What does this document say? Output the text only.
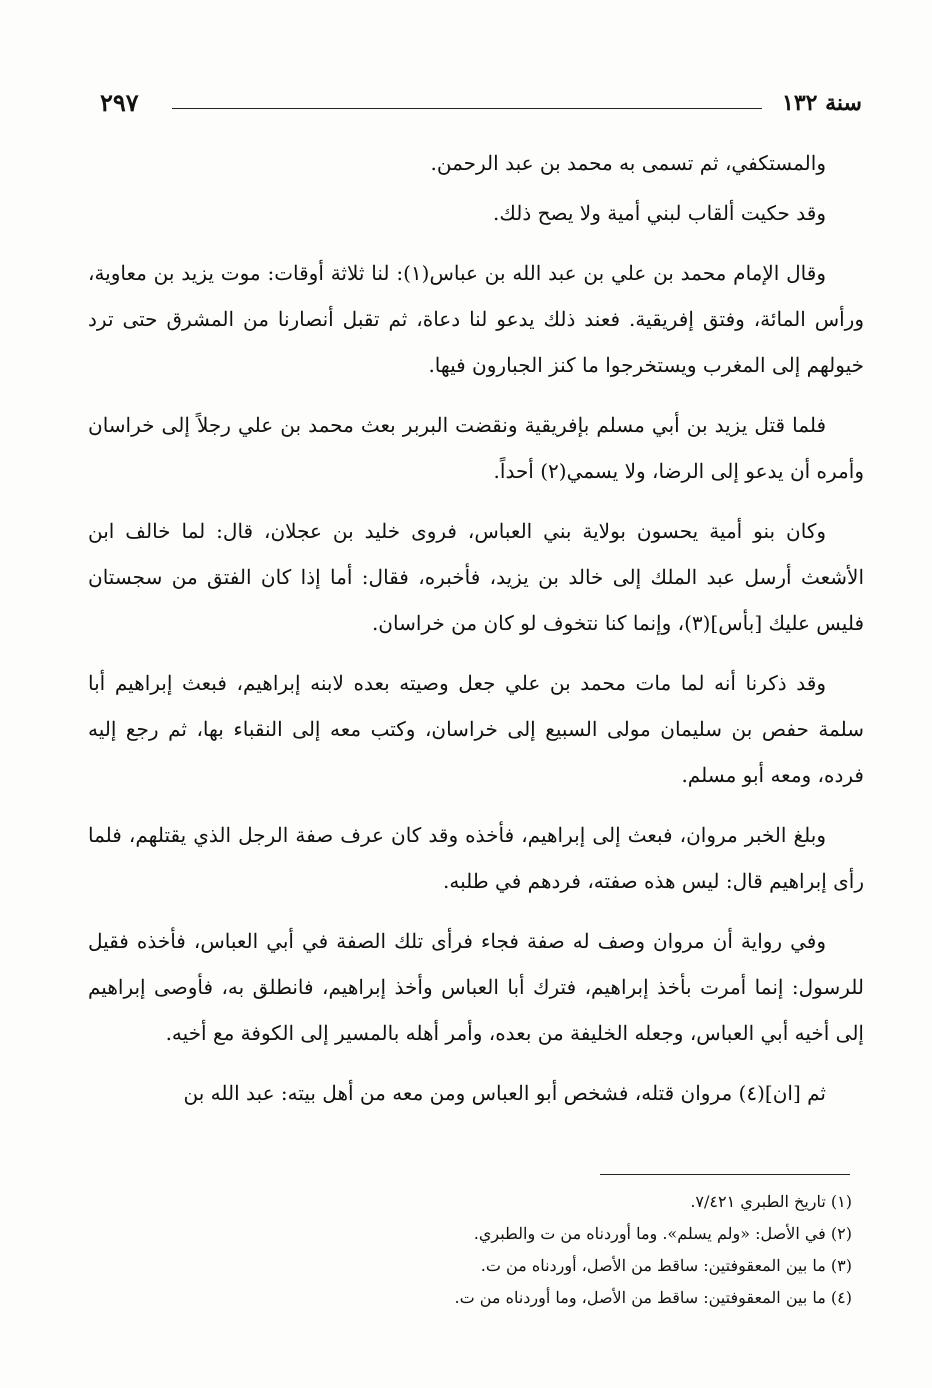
سنة ١٣٢
٢٩٧

والمستكفي، ثم تسمى به محمد بن عبد الرحمن.

وقد حكيت ألقاب لبني أمية ولا يصح ذلك.

وقال الإمام محمد بن علي بن عبد الله بن عباس(١): لنا ثلاثة أوقات: موت يزيد بن معاوية، ورأس المائة، وفتق إفريقية. فعند ذلك يدعو لنا دعاة، ثم تقبل أنصارنا من المشرق حتى ترد خيولهم إلى المغرب ويستخرجوا ما كنز الجبارون فيها.

فلما قتل يزيد بن أبي مسلم بإفريقية ونقضت البربر بعث محمد بن علي رجلاً إلى خراسان وأمره أن يدعو إلى الرضا، ولا يسمي(٢) أحداً.

وكان بنو أمية يحسون بولاية بني العباس، فروى خليد بن عجلان، قال: لما خالف ابن الأشعث أرسل عبد الملك إلى خالد بن يزيد، فأخبره، فقال: أما إذا كان الفتق من سجستان فليس عليك [بأس](٣)، وإنما كنا نتخوف لو كان من خراسان.

وقد ذكرنا أنه لما مات محمد بن علي جعل وصيته بعده لابنه إبراهيم، فبعث إبراهيم أبا سلمة حفص بن سليمان مولى السبيع إلى خراسان، وكتب معه إلى النقباء بها، ثم رجع إليه فرده، ومعه أبو مسلم.

وبلغ الخبر مروان، فبعث إلى إبراهيم، فأخذه وقد كان عرف صفة الرجل الذي يقتلهم، فلما رأى إبراهيم قال: ليس هذه صفته، فردهم في طلبه.

وفي رواية أن مروان وصف له صفة فجاء فرأى تلك الصفة في أبي العباس، فأخذه فقيل للرسول: إنما أمرت بأخذ إبراهيم، فترك أبا العباس وأخذ إبراهيم، فانطلق به، فأوصى إبراهيم إلى أخيه أبي العباس، وجعله الخليفة من بعده، وأمر أهله بالمسير إلى الكوفة مع أخيه.

ثم [ان](٤) مروان قتله، فشخص أبو العباس ومن معه من أهل بيته: عبد الله بن

(١) تاريخ الطبري ٧/٤٢١.
(٢) في الأصل: «ولم يسلم». وما أوردناه من ت والطبري.
(٣) ما بين المعقوفتين: ساقط من الأصل، أوردناه من ت.
(٤) ما بين المعقوفتين: ساقط من الأصل، وما أوردناه من ت.
